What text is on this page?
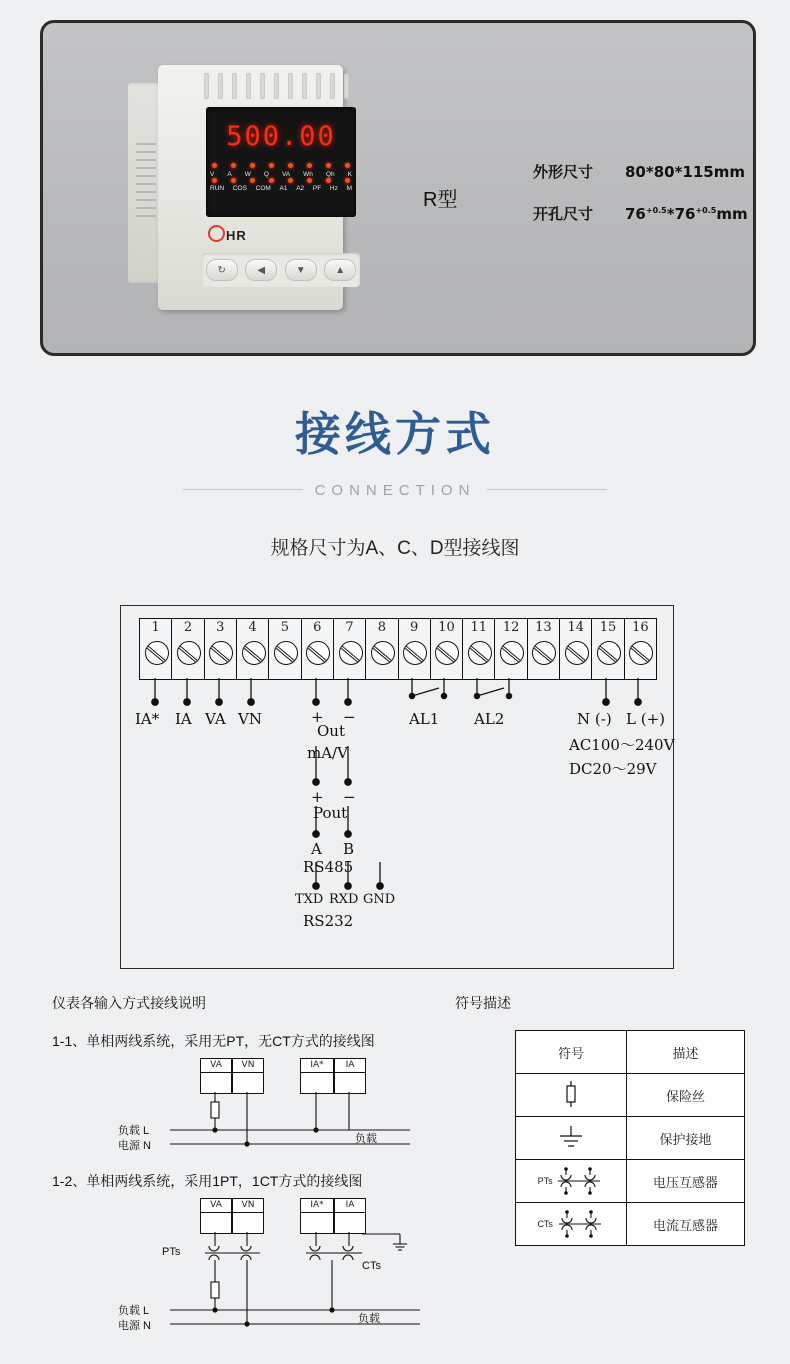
500.00
V A W Q VA Wh Qh K
RUN COS COM A1 A2 PF Hz M
HR
↻	◀	▼	▲
R型
外形尺寸	80*80*115mm
开孔尺寸	$76^{+0.5}*76^{+0.5}mm$
接线方式
CONNECTION
规格尺寸为A、C、D型接线图
1	2	3	4	5	6	7	8	9	10	11	12	13	14	15	16
IA* IA VA VN	+ −
Out
mA/V
AL1 AL2	N (-) L (+)
AC100～240V
DC20～29V
+ −
Pout
A B
RS485
TXD RXD GND
RS232
仪表各输入方式接线说明
1-1、单相两线系统，采用无PT，无CT方式的接线图
1-2、单相两线系统，采用1PT，1CT方式的接线图
VA	VN	IA*	IA
负载 L
电源 N
负载
VA	VN	IA*	IA
PTs
CTs
负载 L
电源 N
负载
符号描述
符号	描述
	保险丝
	保护接地
PTs	电压互感器
CTs	电流互感器
